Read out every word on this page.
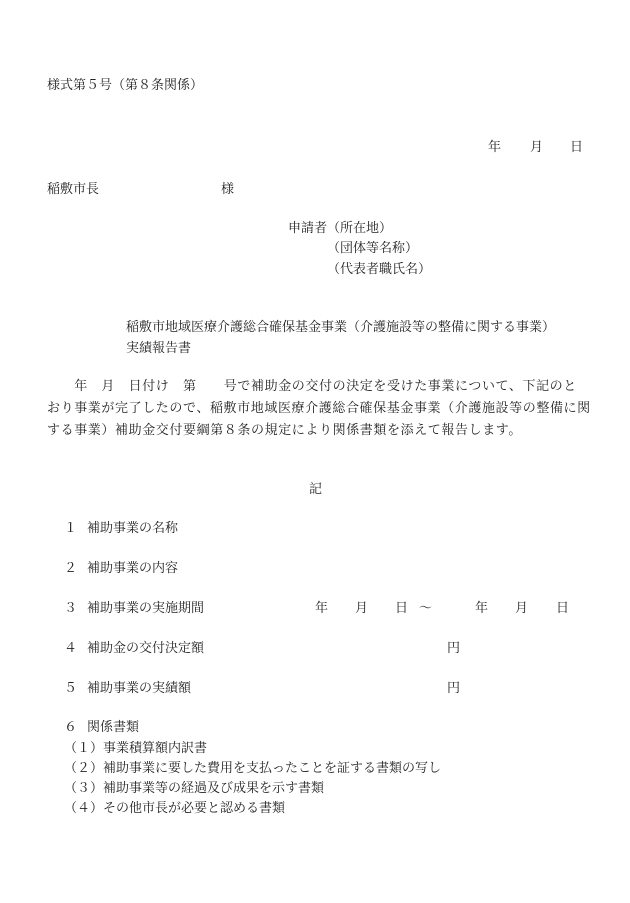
様式第５号（第８条関係）
年 月 日
稲敷市長	様
申請者 （所在地）
（団体等名称）
（代表者職氏名）
稲敷市地域医療介護総合確保基金事業（介護施設等の整備に関する事業）
実績報告書
　　年　月　日付け　第　　号で補助金の交付の決定を受けた事業について、下記のと
おり事業が完了したので、稲敷市地域医療介護総合確保基金事業（介護施設等の整備に関
する事業）補助金交付要綱第８条の規定により関係書類を添えて報告します。
記
１ 補助事業の名称
２ 補助事業の内容
３ 補助事業の実施期間	年 月 日 ～	年 月 日
４ 補助金の交付決定額	円
５ 補助事業の実績額	円
６ 関係書類
（１）事業積算額内訳書
（２）補助事業に要した費用を支払ったことを証する書類の写し
（３）補助事業等の経過及び成果を示す書類
（４）その他市長が必要と認める書類
